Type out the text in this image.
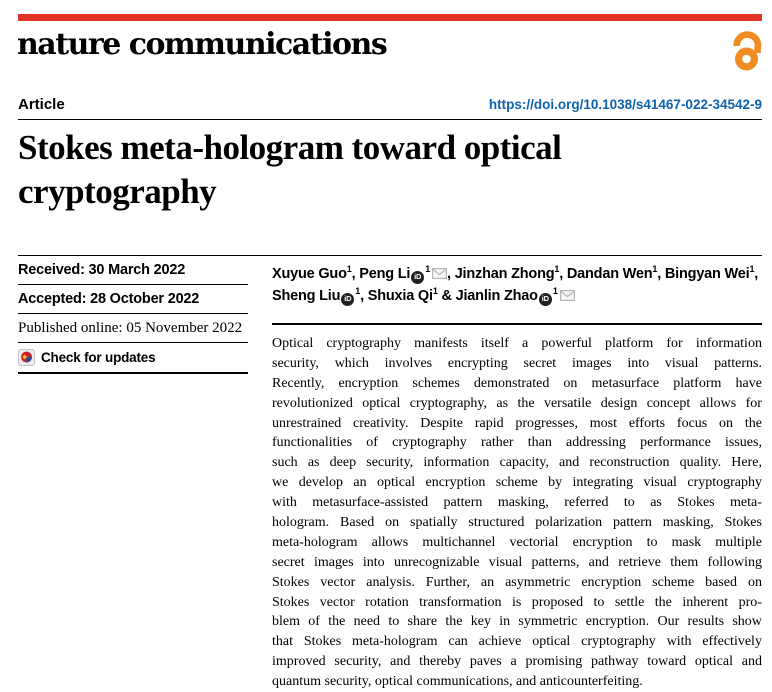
nature communications
Article	https://doi.org/10.1038/s41467-022-34542-9
Stokes meta-hologram toward optical cryptography
Received: 30 March 2022
Accepted: 28 October 2022
Published online: 05 November 2022
Check for updates
Xuyue Guo$^1$, Peng Li $iD^1$ , Jinzhan Zhong$^1$, Dandan Wen$^1$, Bingyan Wei$^1$, Sheng Liu $iD^1$, Shuxia Qi$^1$ & Jianlin Zhao $iD^1$
Optical cryptography manifests itself a powerful platform for information
security, which involves encrypting secret images into visual patterns.
Recently, encryption schemes demonstrated on metasurface platform have
revolutionized optical cryptography, as the versatile design concept allows for
unrestrained creativity. Despite rapid progresses, most efforts focus on the
functionalities of cryptography rather than addressing performance issues,
such as deep security, information capacity, and reconstruction quality. Here,
we develop an optical encryption scheme by integrating visual cryptography
with metasurface-assisted pattern masking, referred to as Stokes meta-
hologram. Based on spatially structured polarization pattern masking, Stokes
meta-hologram allows multichannel vectorial encryption to mask multiple
secret images into unrecognizable visual patterns, and retrieve them following
Stokes vector analysis. Further, an asymmetric encryption scheme based on
Stokes vector rotation transformation is proposed to settle the inherent pro-
blem of the need to share the key in symmetric encryption. Our results show
that Stokes meta-hologram can achieve optical cryptography with effectively
improved security, and thereby paves a promising pathway toward optical and
quantum security, optical communications, and anticounterfeiting.
